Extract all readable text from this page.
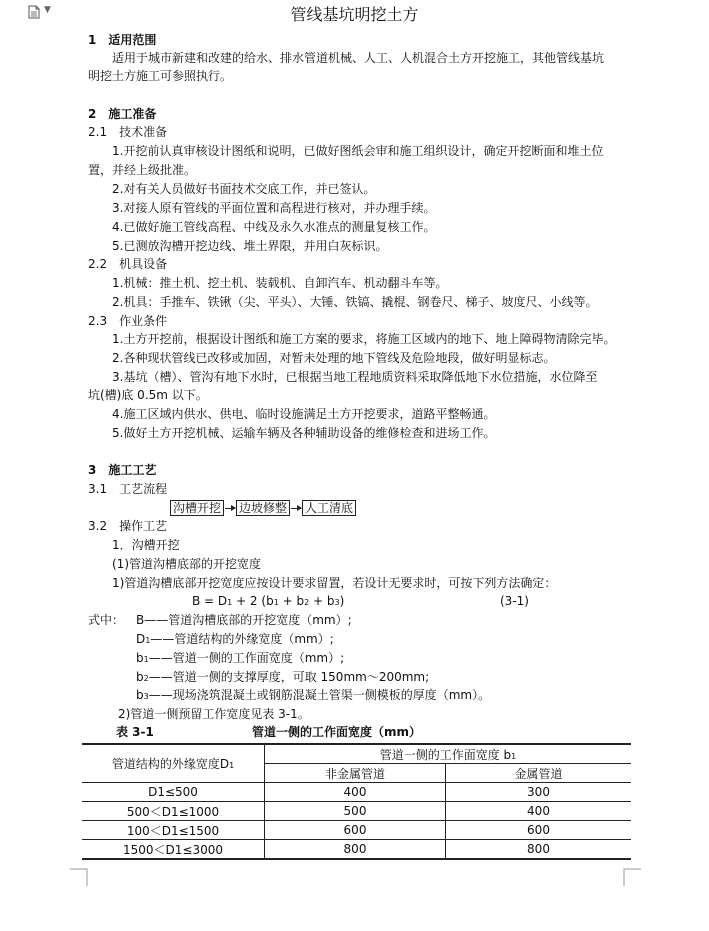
▼	管线基坑明挖土方
1　适用范围
适用于城市新建和改建的给水、排水管道机械、人工、人机混合土方开挖施工，其他管线基坑
明挖土方施工可参照执行。
2　施工准备
2.1　技术准备
1.开挖前认真审核设计图纸和说明，已做好图纸会审和施工组织设计，确定开挖断面和堆土位
置，并经上级批准。
2.对有关人员做好书面技术交底工作，并已签认。
3.对接人原有管线的平面位置和高程进行核对，并办理手续。
4.已做好施工管线高程、中线及永久水准点的测量复核工作。
5.已测放沟槽开挖边线、堆土界限，并用白灰标识。
2.2　机具设备
1.机械：推土机、挖土机、装载机、自卸汽车、机动翻斗车等。
2.机具：手推车、铁锹（尖、平头）、大锤、铁镐、撬棍、钢卷尺、梯子、坡度尺、小线等。
2.3　作业条件
1.土方开挖前，根据设计图纸和施工方案的要求，将施工区域内的地下、地上障碍物清除完毕。
2.各种现状管线已改移或加固，对暂未处理的地下管线及危险地段，做好明显标志。
3.基坑（槽）、管沟有地下水时，已根据当地工程地质资料采取降低地下水位措施，水位降至
坑(槽)底 0.5m 以下。
4.施工区域内供水、供电、临时设施满足土方开挖要求，道路平整畅通。
5.做好土方开挖机械、运输车辆及各种辅助设备的维修检查和进场工作。
3　施工工艺
3.1　工艺流程
沟槽开挖 边坡修整 人工清底
3.2　操作工艺
1．沟槽开挖
(1)管道沟槽底部的开挖宽度
1)管道沟槽底部开挖宽度应按设计要求留置，若设计无要求时，可按下列方法确定：
B = D1 + 2 (b1 + b2 + b3)	(3-1)
式中： B——管道沟槽底部的开挖宽度（mm）;
D1——管道结构的外缘宽度（mm）;
b1——管道一侧的工作面宽度（mm）;
b2——管道一侧的支撑厚度，可取 150mm～200mm;
b3——现场浇筑混凝土或钢筋混凝土管渠一侧模板的厚度（mm）。
2)管道一侧预留工作宽度见表 3-1。
表 3-1	管道一侧的工作面宽度（mm）
管道结构的外缘宽度D1	管道一侧的工作面宽度 b1	
	非金属管道	金属管道
D1≤500	400	300
500＜D1≤1000	500	400
100＜D1≤1500	600	600
1500＜D1≤3000	800	800
